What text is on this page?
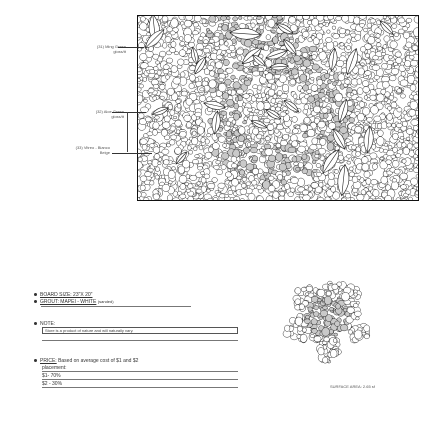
(31) Ming Green
gloss/tt
(32) Aloe Green
gloss/tt
(33) Vitreo - Bianco
Beige
BOARD SIZE: 23"X 20"
GROUT: MAPEI - WHITE (sanded)
NOTE:
Store is a product of nature and will naturally vary.
PRICE: Based on average cost of $1 and $2
placement:
$1- 70%
$2 - 30%	SURFACE AREA: 2.65 sf
